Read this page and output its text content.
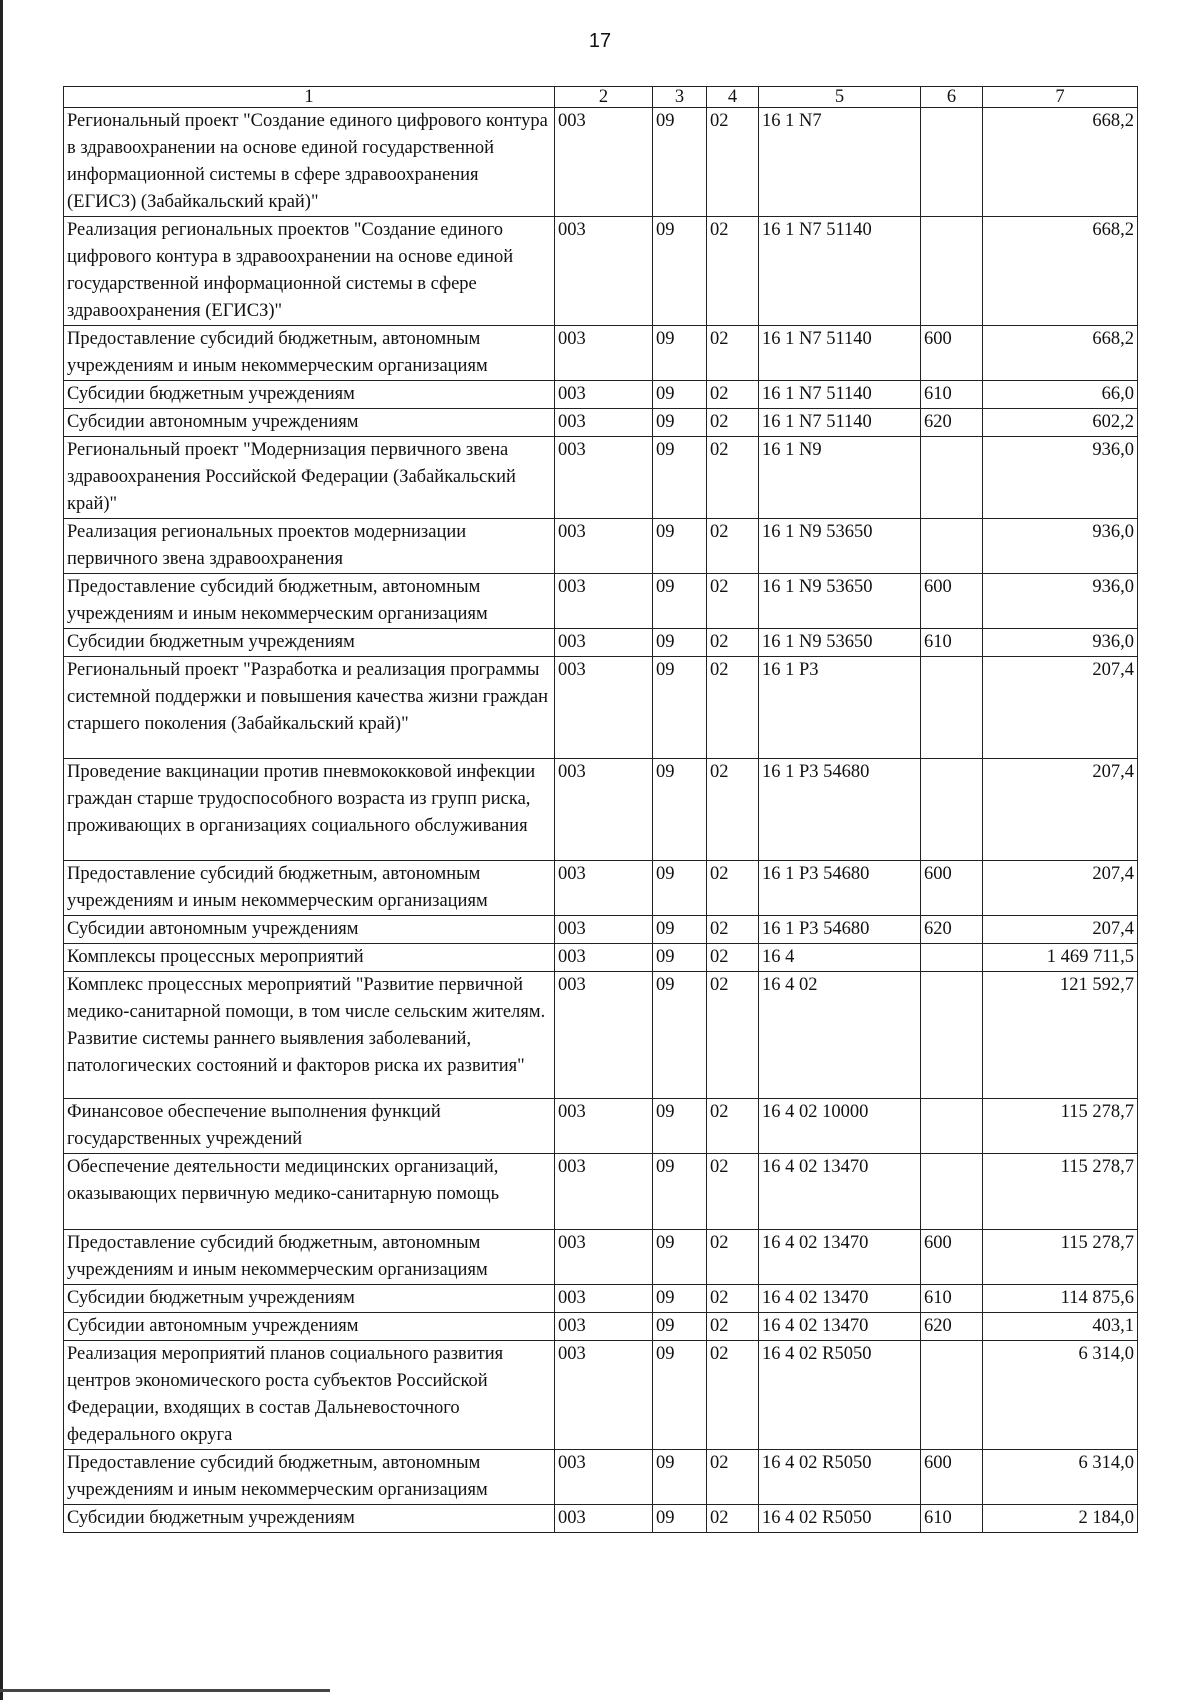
17
1	2	3	4	5	6	7
Региональный проект "Создание единого цифрового контура в здравоохранении на основе единой государственной информационной системы в сфере здравоохранения (ЕГИСЗ) (Забайкальский край)"	003	09	02	16 1 N7		668,2
Реализация региональных проектов "Создание единого цифрового контура в здравоохранении на основе единой государственной информационной системы в сфере здравоохранения (ЕГИСЗ)"	003	09	02	16 1 N7 51140		668,2
Предоставление субсидий бюджетным, автономным учреждениям и иным некоммерческим организациям	003	09	02	16 1 N7 51140	600	668,2
Субсидии бюджетным учреждениям	003	09	02	16 1 N7 51140	610	66,0
Субсидии автономным учреждениям	003	09	02	16 1 N7 51140	620	602,2
Региональный проект "Модернизация первичного звена здравоохранения Российской Федерации (Забайкальский край)"	003	09	02	16 1 N9		936,0
Реализация региональных проектов модернизации первичного звена здравоохранения	003	09	02	16 1 N9 53650		936,0
Предоставление субсидий бюджетным, автономным учреждениям и иным некоммерческим организациям	003	09	02	16 1 N9 53650	600	936,0
Субсидии бюджетным учреждениям	003	09	02	16 1 N9 53650	610	936,0
Региональный проект "Разработка и реализация программы системной поддержки и повышения качества жизни граждан старшего поколения (Забайкальский край)"	003	09	02	16 1 P3		207,4
Проведение вакцинации против пневмококковой инфекции граждан старше трудоспособного возраста из групп риска, проживающих в организациях социального обслуживания	003	09	02	16 1 P3 54680		207,4
Предоставление субсидий бюджетным, автономным учреждениям и иным некоммерческим организациям	003	09	02	16 1 P3 54680	600	207,4
Субсидии автономным учреждениям	003	09	02	16 1 P3 54680	620	207,4
Комплексы процессных мероприятий	003	09	02	16 4		1 469 711,5
Комплекс процессных мероприятий "Развитие первичной медико-санитарной помощи, в том числе сельским жителям. Развитие системы раннего выявления заболеваний, патологических состояний и факторов риска их развития"	003	09	02	16 4 02		121 592,7
Финансовое обеспечение выполнения функций государственных учреждений	003	09	02	16 4 02 10000		115 278,7
Обеспечение деятельности медицинских организаций, оказывающих первичную медико-санитарную помощь	003	09	02	16 4 02 13470		115 278,7
Предоставление субсидий бюджетным, автономным учреждениям и иным некоммерческим организациям	003	09	02	16 4 02 13470	600	115 278,7
Субсидии бюджетным учреждениям	003	09	02	16 4 02 13470	610	114 875,6
Субсидии автономным учреждениям	003	09	02	16 4 02 13470	620	403,1
Реализация мероприятий планов социального развития центров экономического роста субъектов Российской Федерации, входящих в состав Дальневосточного федерального округа	003	09	02	16 4 02 R5050		6 314,0
Предоставление субсидий бюджетным, автономным учреждениям и иным некоммерческим организациям	003	09	02	16 4 02 R5050	600	6 314,0
Субсидии бюджетным учреждениям	003	09	02	16 4 02 R5050	610	2 184,0
